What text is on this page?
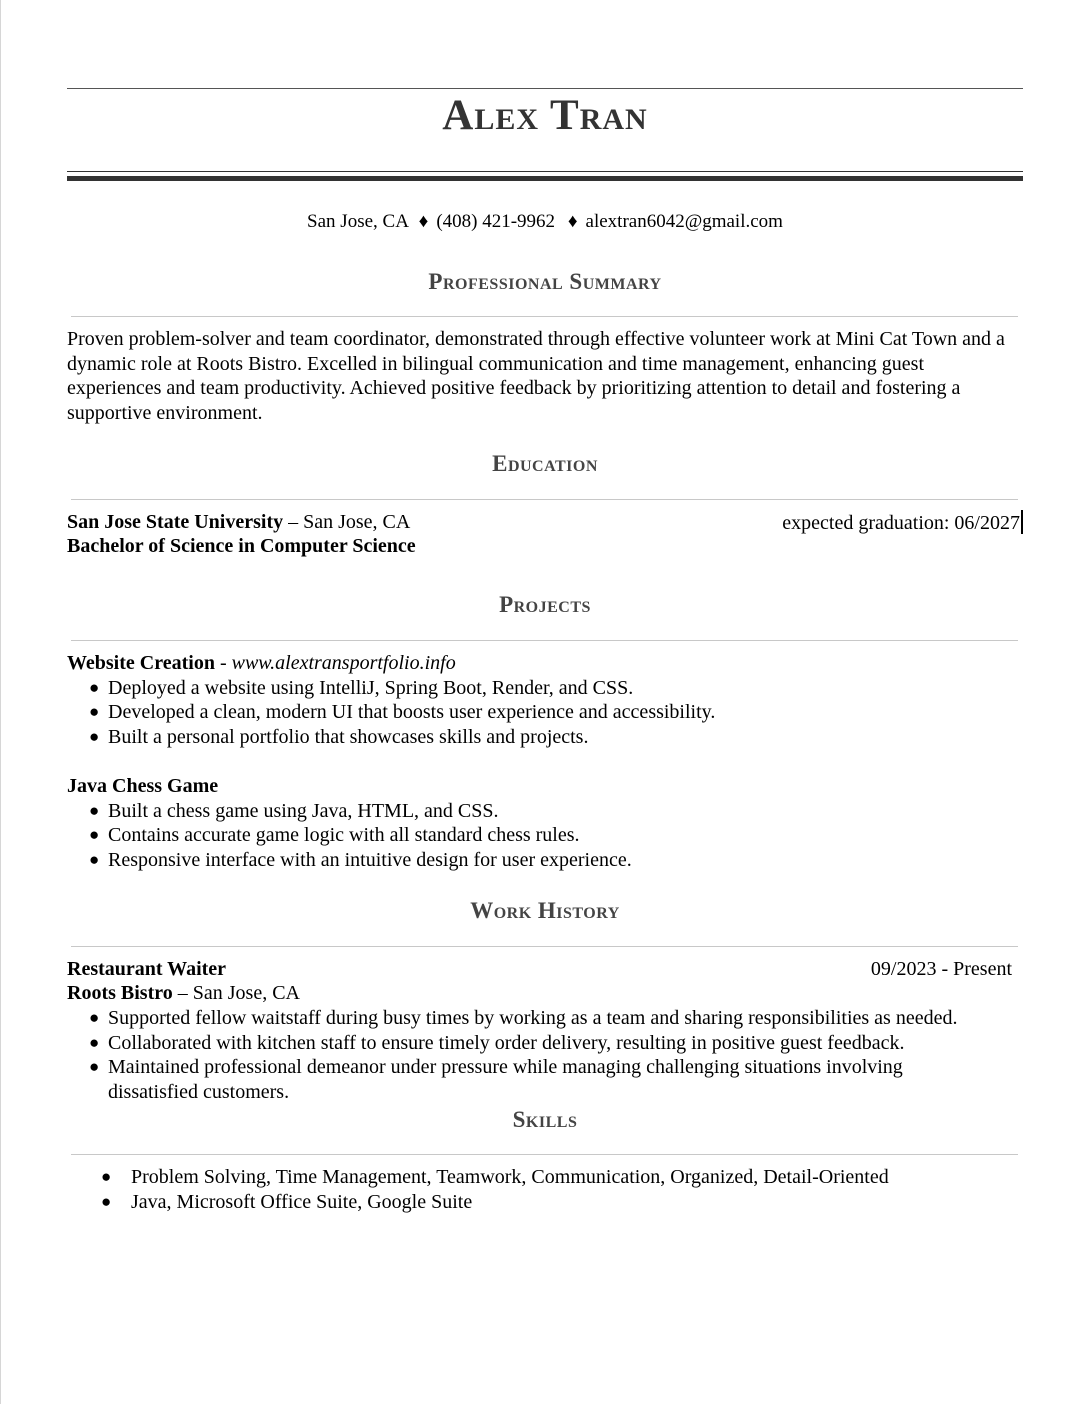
Alex Tran
San Jose, CA ♦ (408) 421-9962 ♦ alextran6042@gmail.com
Professional Summary

Proven problem-solver and team coordinator, demonstrated through effective volunteer work at Mini Cat Town and a dynamic role at Roots Bistro. Excelled in bilingual communication and time management, enhancing guest experiences and team productivity. Achieved positive feedback by prioritizing attention to detail and fostering a supportive environment.

Education
San Jose State University – San Jose, CA	expected graduation: 06/2027
Bachelor of Science in Computer Science
Projects
Website Creation - www.alextransportfolio.info
● Deployed a website using IntelliJ, Spring Boot, Render, and CSS.
● Developed a clean, modern UI that boosts user experience and accessibility.
● Built a personal portfolio that showcases skills and projects.
Java Chess Game
● Built a chess game using Java, HTML, and CSS.
● Contains accurate game logic with all standard chess rules.
● Responsive interface with an intuitive design for user experience.
Work History
Restaurant Waiter	09/2023 - Present
Roots Bistro – San Jose, CA
● Supported fellow waitstaff during busy times by working as a team and sharing responsibilities as needed.
● Collaborated with kitchen staff to ensure timely order delivery, resulting in positive guest feedback.
● Maintained professional demeanor under pressure while managing challenging situations involving dissatisfied customers.
Skills
● Problem Solving, Time Management, Teamwork, Communication, Organized, Detail-Oriented
● Java, Microsoft Office Suite, Google Suite
